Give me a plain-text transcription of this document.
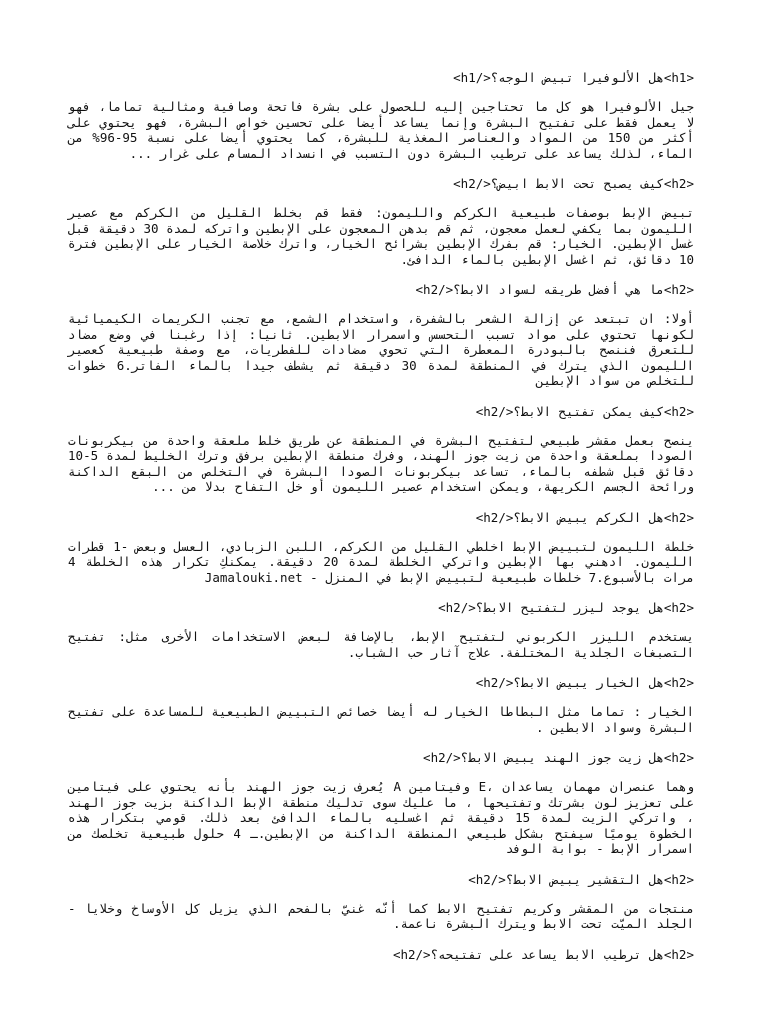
<h1>هل الألوفيرا تبيض الوجه؟</h1>

جيل الألوفيرا هو كل ما تحتاجين إليه للحصول على بشرة فاتحة وصافية ومثالية تماما، فهو لا يعمل فقط على تفتيح البشرة وإنما يساعد أيضا على تحسين خواص البشرة، فهو يحتوي على أكثر من 150 من المواد والعناصر المغذية للبشرة، كما يحتوي أيضا على نسبة 95-96% من الماء، لذلك يساعد على ترطيب البشرة دون التسبب في انسداد المسام على غرار ...

<h2>كيف يصبح تحت الابط ابيض؟</h2>

تبيض الإبط بوصفات طبيعية الكركم والليمون: فقط قم بخلط القليل من الكركم مع عصير الليمون بما يكفي لعمل معجون، ثم قم بدهن المعجون على الإبطين واتركه لمدة 30 دقيقة قبل غسل الإبطين. الخيار: قم بفرك الإبطين بشرائح الخيار، واترك خلاصة الخيار على الإبطين فترة 10 دقائق، ثم اغسل الإبطين بالماء الدافئ.

<h2>ما هي أفضل طريقه لسواد الابط؟</h2>

أولا: ان تبتعد عن إزالة الشعر بالشفرة، واستخدام الشمع، مع تجنب الكريمات الكيميائية لكونها تحتوي على مواد تسبب التحسس واسمرار الابطين. ثانيا: إذا رغبنا في وضع مضاد للتعرق فننصح بالبودرة المعطرة التي تحوي مضادات للفطريات، مع وصفة طبيعية كعصير الليمون الذي يترك في المنطقة لمدة 30 دقيقة ثم يشطف جيدا بالماء الفاتر.6 خطوات للتخلص من سواد الإبطين

<h2>كيف يمكن تفتيح الابط؟</h2>

ينصح بعمل مقشر طبيعي لتفتيح البشرة في المنطقة عن طريق خلط ملعقة واحدة من بيكربونات الصودا بملعقة واحدة من زيت جوز الهند، وفرك منطقة الإبطين برفق وترك الخليط لمدة 5-10 دقائق قبل شطفه بالماء، تساعد بيكربونات الصودا البشرة في التخلص من البقع الداكنة ورائحة الجسم الكريهة، ويمكن استخدام عصير الليمون أو خل التفاح بدلا من ...

<h2>هل الكركم يبيض الابط؟</h2>

خلطة الليمون لتبييض الإبط اخلطي القليل من الكركم، اللبن الزبادي، العسل وبعض -1 قطرات الليمون. ادهني بها الإبطين واتركي الخلطة لمدة 20 دقيقة. يمكنكِ تكرار هذه الخلطة 4 مرات بالأسبوع.7 خلطات طبيعية لتبييض الإبط في المنزل - Jamalouki.net

<h2>هل يوجد ليزر لتفتيح الابط؟</h2>

يستخدم الليزر الكربوني لتفتيح الإبط، بالإضافة لبعض الاستخدامات الأخرى مثل: تفتيح التصبغات الجلدية المختلفة. علاج آثار حب الشباب.

<h2>هل الخيار يبيض الابط؟</h2>

الخيار : تماما مثل البطاطا الخيار له أيضا خصائص التبييض الطبيعية للمساعدة على تفتيح البشرة وسواد الابطين .

<h2>هل زيت جوز الهند يبيض الابط؟</h2>

وهما عنصران مهمان يساعدان ،E وفيتامين A يُعرف زيت جوز الهند بأنه يحتوي على فيتامين على تعزيز لون بشرتك وتفتيحها ، ما عليك سوى تدليك منطقة الإبط الداكنة بزيت جوز الهند ، واتركي الزيت لمدة 15 دقيقة ثم اغسليه بالماء الدافئ بعد ذلك. قومي بتكرار هذه الخطوة يوميًا سيفتح بشكل طبيعي المنطقة الداكنة من الإبطين.ـ 4 حلول طبيعية تخلصك من اسمرار الإبط - بوابة الوفد

<h2>هل التقشير يبيض الابط؟</h2>

منتجات من المقشر وكريم تفتيح الابط كما أنّه غنيّ بالفحم الذي يزيل كل الأوساخ وخلايا - الجلد الميّت تحت الابط ويترك البشرة ناعمة.

<h2>هل ترطيب الابط يساعد على تفتيحه؟</h2>
